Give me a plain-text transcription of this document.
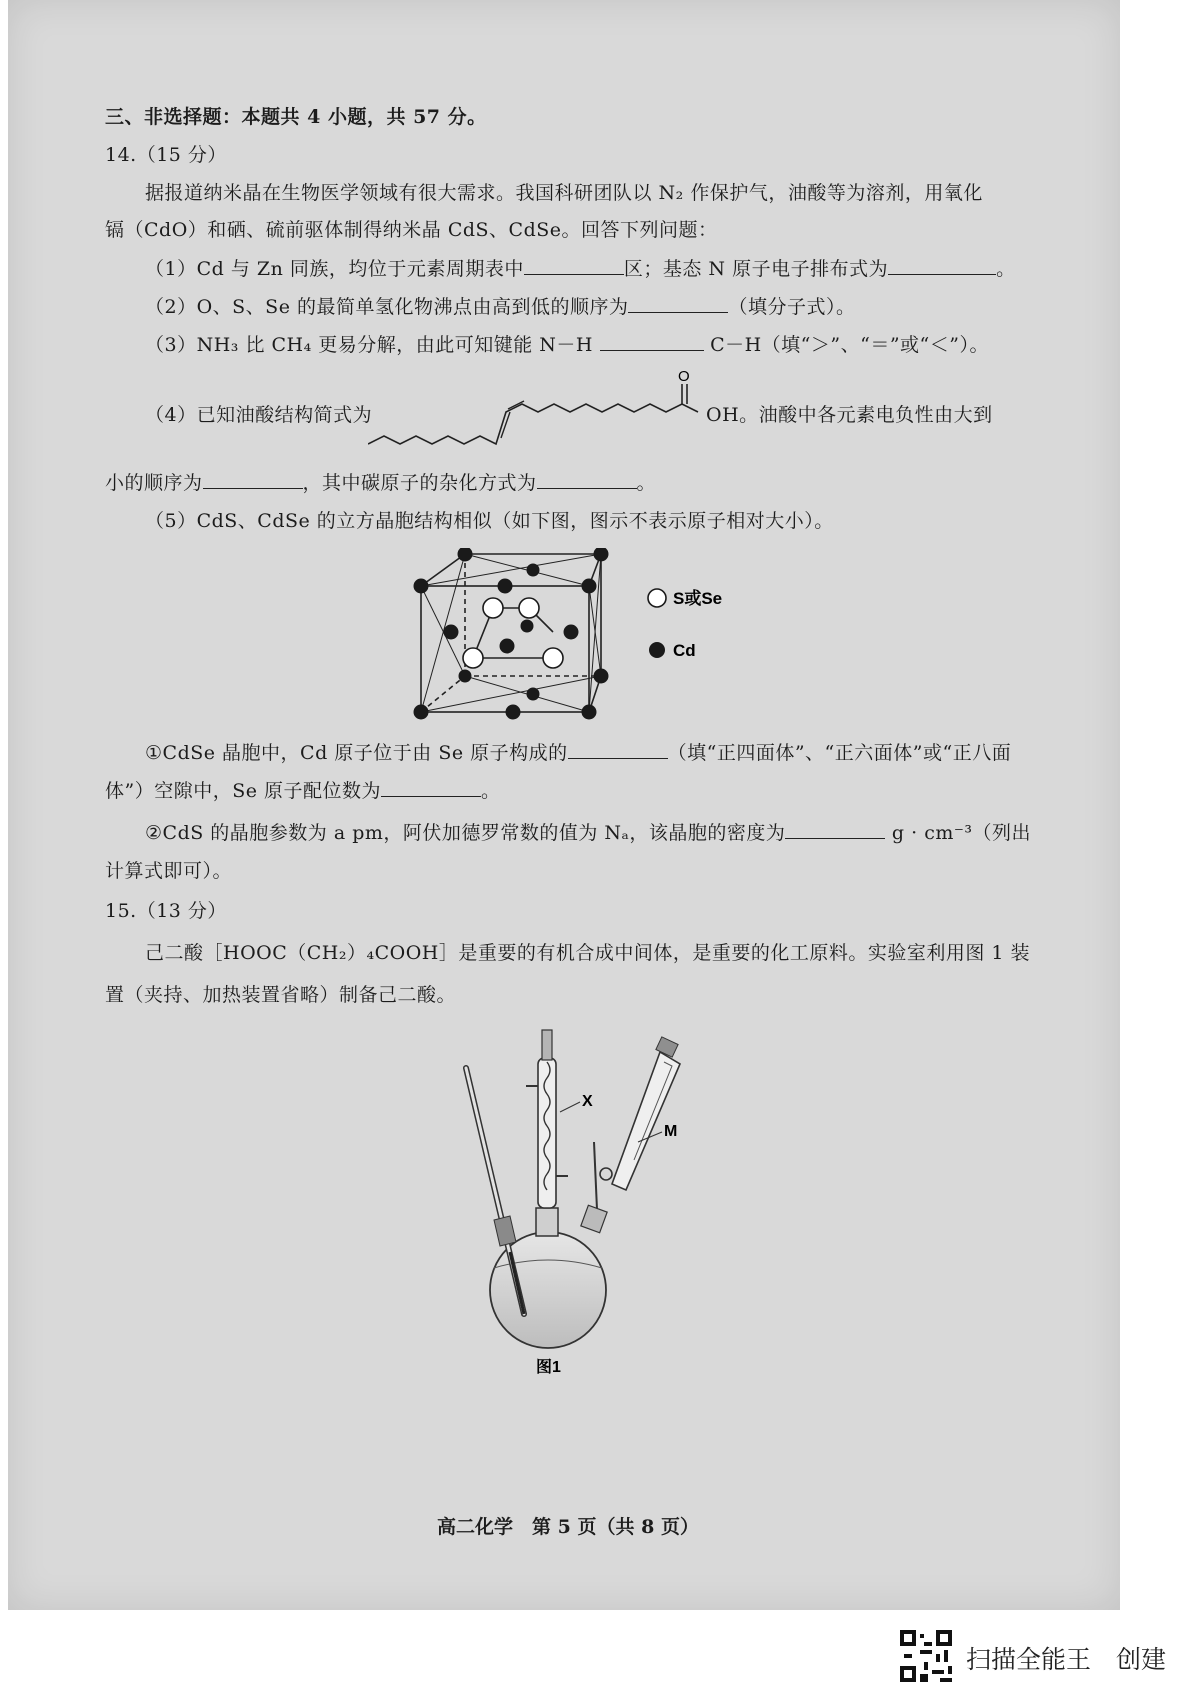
三、非选择题：本题共 4 小题，共 57 分。
14.（15 分）
据报道纳米晶在生物医学领域有很大需求。我国科研团队以 N₂ 作保护气，油酸等为溶剂，用氧化
镉（CdO）和硒、硫前驱体制得纳米晶 CdS、CdSe。回答下列问题：
（1）Cd 与 Zn 同族，均位于元素周期表中	区；基态 N 原子电子排布式为	。
（2）O、S、Se 的最简单氢化物沸点由高到低的顺序为	（填分子式）。
（3）NH₃ 比 CH₄ 更易分解，由此可知键能 N－H	C－H（填“＞”、“＝”或“＜”）。
（4）已知油酸结构简式为
O
OH。油酸中各元素电负性由大到
小的顺序为	，其中碳原子的杂化方式为	。
（5）CdS、CdSe 的立方晶胞结构相似（如下图，图示不表示原子相对大小）。
S或Se
Cd
①CdSe 晶胞中，Cd 原子位于由 Se 原子构成的	（填“正四面体”、“正六面体”或“正八面
体”）空隙中，Se 原子配位数为	。
②CdS 的晶胞参数为 a pm，阿伏加德罗常数的值为 Nₐ，该晶胞的密度为	g · cm⁻³（列出
计算式即可）。
15.（13 分）
己二酸［HOOC（CH₂）₄COOH］是重要的有机合成中间体，是重要的化工原料。实验室利用图 1 装
置（夹持、加热装置省略）制备己二酸。
X
M
图1
高二化学　第 5 页（共 8 页）
扫描全能王　创建
